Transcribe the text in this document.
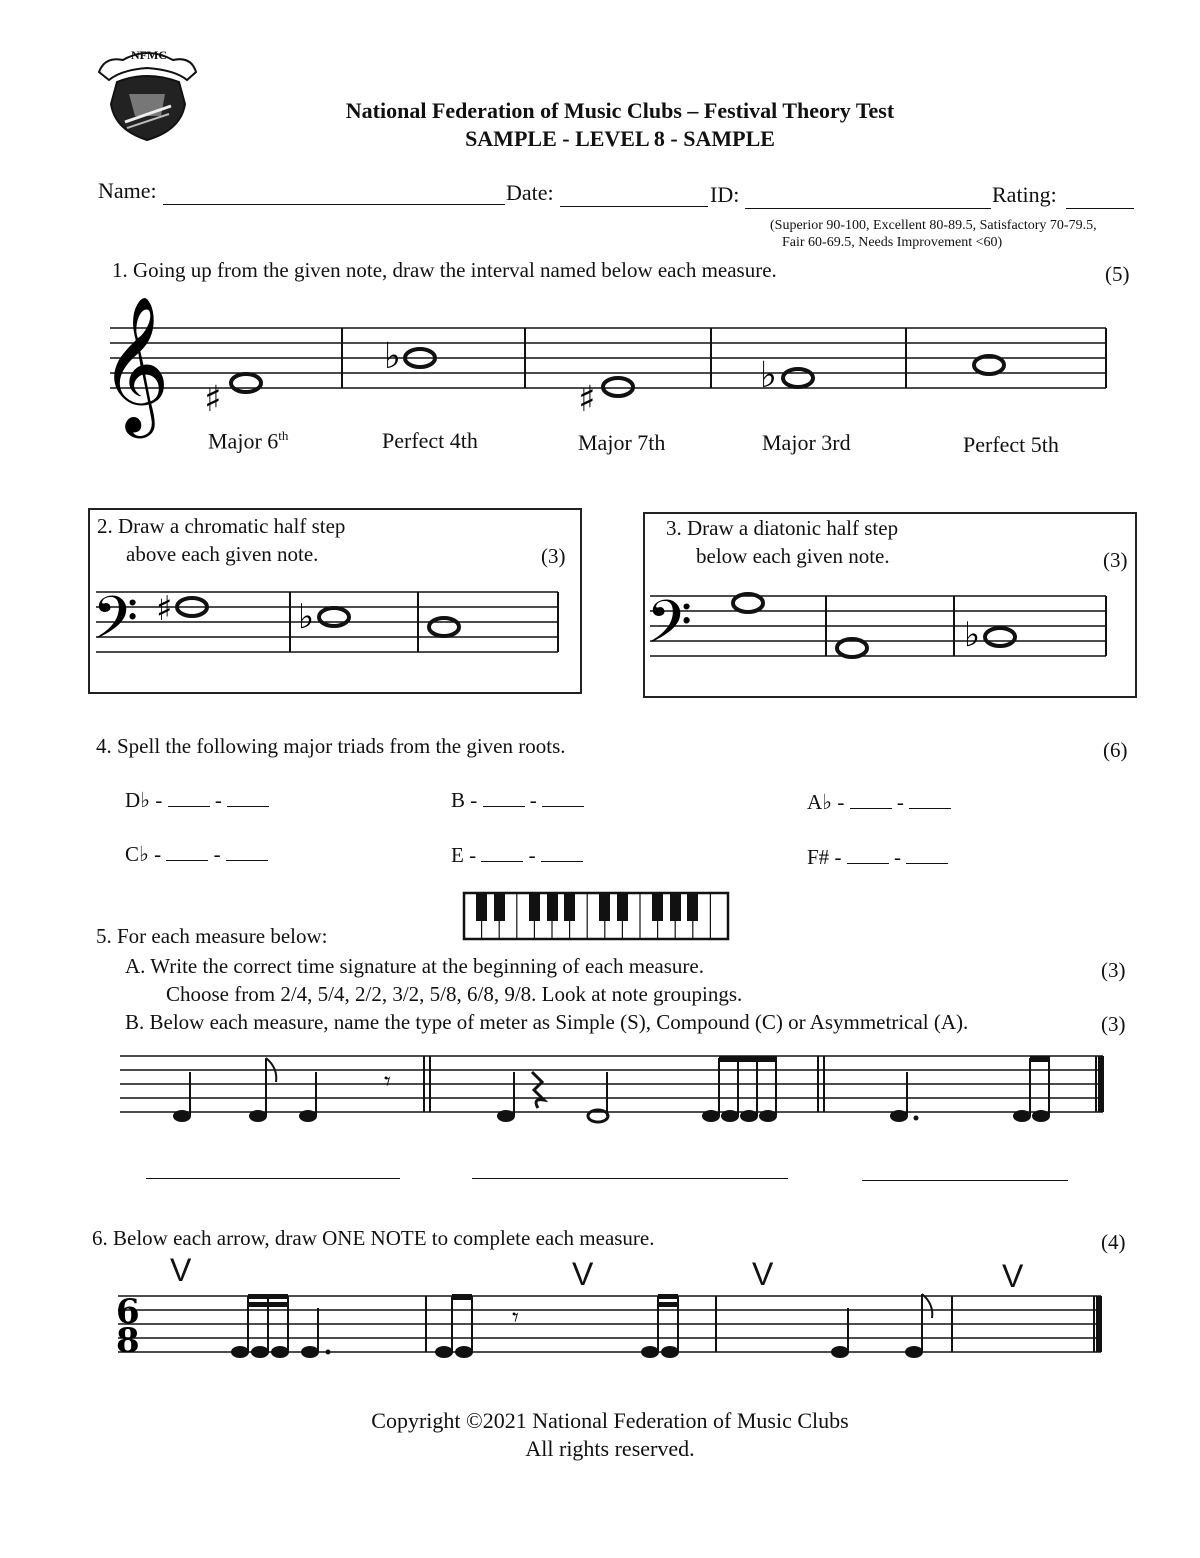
NFMC
National Federation of Music Clubs – Festival Theory Test
SAMPLE - LEVEL 8 - SAMPLE
Name:	Date:	ID:	Rating:
(Superior 90-100, Excellent 80-89.5, Satisfactory 70-79.5,
Fair 60-69.5, Needs Improvement <60)
1. Going up from the given note, draw the interval named below each measure.	(5)
𝄞 ♯
♭
♯
♭
Major 6th	Perfect 4th	Major 7th	Major 3rd	Perfect 5th
2. Draw a chromatic half step
above each given note.	(3)
𝄢 ♯	♭
3. Draw a diatonic half step
below each given note.	(3)
𝄢	♭
4. Spell the following major triads from the given roots.	(6)
D♭ -	-	B -	-	A♭ -	-
C♭ -	-	E -	-	F# -	-
5. For each measure below:
A. Write the correct time signature at the beginning of each measure.	(3)
Choose from 2/4, 5/4, 2/2, 3/2, 5/8, 6/8, 9/8. Look at note groupings.
B. Below each measure, name the type of meter as Simple (S), Compound (C) or Asymmetrical (A).	(3)
𝄾
6. Below each arrow, draw ONE NOTE to complete each measure.	(4)
V	V	V	V
𝄾
6
8
Copyright ©2021 National Federation of Music Clubs
All rights reserved.
